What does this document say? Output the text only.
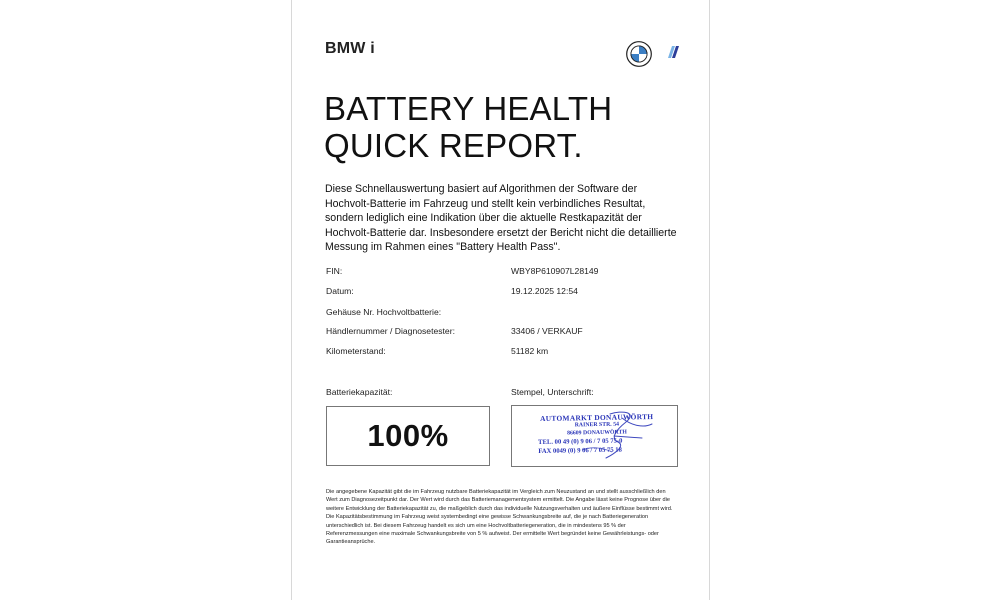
BMW i
BATTERY HEALTH
QUICK REPORT.
Diese Schnellauswertung basiert auf Algorithmen der Software der Hochvolt-Batterie im Fahrzeug und stellt kein verbindliches Resultat, sondern lediglich eine Indikation über die aktuelle Restkapazität der Hochvolt-Batterie dar. Insbesondere ersetzt der Bericht nicht die detaillierte Messung im Rahmen eines "Battery Health Pass".
FIN:	WBY8P610907L28149
Datum:	19.12.2025 12:54
Gehäuse Nr. Hochvoltbatterie:
Händlernummer / Diagnosetester:	33406 / VERKAUF
Kilometerstand:	51182 km
Batteriekapazität:	Stempel, Unterschrift:
100%
AUTOMARKT DONAUWÖRTH
RAINER STR. 54
86609 DONAUWÖRTH
TEL. 00 49 (0) 9 06 / 7 05 75-0
FAX 0049 (0) 9 06 / 7 05 75 18
Die angegebene Kapazität gibt die im Fahrzeug nutzbare Batteriekapazität im Vergleich zum Neuzustand an und stellt ausschließlich den Wert zum Diagnosezeitpunkt dar. Der Wert wird durch das Batteriemanagementsystem ermittelt. Die Angabe lässt keine Prognose über die weitere Entwicklung der Batteriekapazität zu, die maßgeblich durch das individuelle Nutzungsverhalten und äußere Einflüsse bestimmt wird. Die Kapazitätsbestimmung im Fahrzeug weist systembedingt eine gewisse Schwankungsbreite auf, die je nach Batteriegeneration unterschiedlich ist. Bei diesem Fahrzeug handelt es sich um eine Hochvoltbatteriegeneration, die in mindestens 95 % der Referenzmessungen eine maximale Schwankungsbreite von 5 % aufweist. Der ermittelte Wert begründet keine Gewährleistungs- oder Garantieansprüche.
